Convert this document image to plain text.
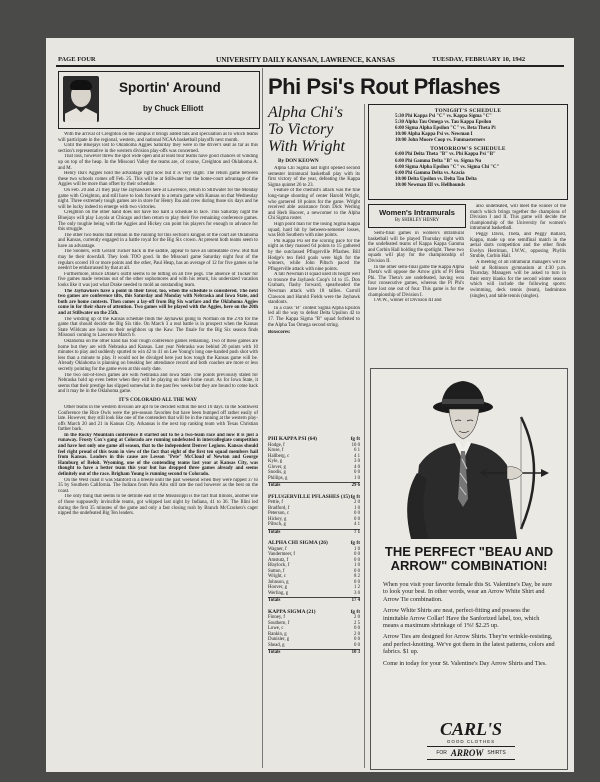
PAGE FOUR	UNIVERSITY DAILY KANSAN, LAWRENCE, KANSAS	TUESDAY, FEBRUARY 10, 1942
Sportin' Around
by Chuck Elliott

With the arrival of Creighton on the campus it brings added talk and speculation as to which teams will participate in the regional, western, and national NCAA basketball playoffs next month.

Until the Bluejays lost to Oklahoma Aggies Saturday they were in the driver's seat as far as this section's representative in the western division play-offs was concerned.

That loss, however threw the spot wide open and at least four teams have good chances of winding up on top of the heap. In the Missouri Valley the teams are, of course, Creighton and Oklahoma A. and M.

Henry Iba's Aggies hold the advantage right now but it is very slight. The return game between these two schools comes off Feb. 25. This will be at Stillwater but the home-court advantage of the Aggies will be more than offset by their schedule.

On Feb. 20 and 21 they play the Jayhawkers here at Lawrence, return to Stillwater for the Monday game with Creighton, and still have to look forward to a return game with Kansas on that Wednesday night. Three extremely tough games are in store for Henry Iba and crew during those six days and he will be lucky indeed to emerge with two victories.

Creighton on the other hand does not have too hard a schedule to face. This Saturday night the Bluejays will play Loyola at Chicago and then return to play their five remaining conference games. The only toughie being with the Aggies and Hickey can point his players for enough to advance for this struggle.

The other two teams that remain in the running for this section's kingpin of the court are Oklahoma and Kansas, currently engaged in a battle royal for the Big Six crown. At present both teams seem to have an advantage.

The Sooners, with Gerald Tucker back in the saddle, appear to have an unbeatable crew. But that may be their downfall. They look TOO good. In the Missouri game Saturday night four of the regulars scored 10 or more points and the other, Paul Heap, has an average of 12 for five games so he needn't be embarrassed by that at all.

Furthermore, Bruce Drake's outfit seems to be hitting on all five pegs. The absence of Tucker for five games made veterans out of the other sophomores and with his return, his undersized vacation looks like it was just what Drake needed to mold an outstanding team.

The Jayhawkers have a point in their favor, too, when the schedule is considered. The next two games are conference tilts, this Saturday and Monday with Nebraska and Iowa State, and both are home contests. Then comes a lay-off from Big Six warfare and the Oklahoma Aggies come in for their share of attention. Two games will be played with the Aggies, here on the 20th and at Stillwater on the 25th.

The winding up of the Kansas schedule finds the Jayhawks going to Norman on the 27th for the game that should decide the Big Six title. On March 3 a real battle is in prospect when the Kansas State Wildcats are hosts to their neighbors up the Kaw. The finale for the Big Six season finds Missouri coming to Lawrence March 6.

Oklahoma on the other hand has four rough conference games remaining. Two of these games are home but they are with Nebraska and Kansas. Last year Nebraska was behind 20 points with 10 minutes to play and suddenly spurted to win 42 to 41 on Lee Young's long one-handed push shot with less than a minute to play. It would not be divulged here just how tough the Kansas game will be. Already Oklahoma is planning on breaking her attendance record and both coaches are more or less secretly pointing for the game even at this early date.

The two out-of-town games are with Nebraska and Iowa State. The points previously stated for Nebraska hold up even better when they will be playing on their home court. As for Iowa State, it seems that their prestige has slipped somewhat in the past few weeks but they are bound to come back and it may be in the Oklahoma game.

IT'S COLORADO ALL THE WAY

Other teams in the western division are apt to be decided within the next 10 days. In the Southwest Conference the Rice Owls were the pre-season favorites but have been bumped off rather easily of late. However, they still look like one of the contenders that will be in the running at the western play-offs March 20 and 21 in Kansas City. Arkansas is the next top ranking team with Texas Christian farther back.

In the Rocky Mountain conference it started out to be a two-team race and now it is just a runaway. Frosty Cox's gang at Colorado are running undefeated in intercollegiate competition and have lost only one game all season, that to the independent Denver Legions. Kansas should feel right proud of this team in view of the fact that eight of the first ten squad members hail from Kansas. Leaders in this cause are Lesson "Pete" McCloud of Newton and George Hamburg of Beloit. Wyoming, one of the contending teams last year at Kansas City, was thought to have a better team this year but has dropped three games already and seems definitely out of the race. Brigham Young is running second to Colorado.

On the West coast it was Stanford in a breeze until the past weekend when they were nipped 37 to 35 by Southern California. The Indians from Palo Alto still rate the nod however as the best on the coast.

The only thing that seems to be definite east of the Mississippi is the fact that Illinois, another one of those supposedly invincible teams, got whipped last night by Indiana, 41 to 36. The Illini led during the first 35 minutes of the game and only a fast closing rush by Branch McCracken's cager nipped the undefeated Big Ten leaders.

Phi Psi's Rout Pflashes
Alpha Chi's To Victory With Wright
By DON KEOWN

Alpha Chi Sigma last night opened second semester intramural basketball play with its first victory of the year, defeating the Kappa Sigma quintet 26 to 23.

Feature of the chemist's attack was the fine long-range shooting of center Harold Wright, who garnered 18 points for the game. Wright received able assistance from Dick Werling and Herb Hoover, a newcomer to the Alpha Chi Sigma roster.

High point man for the losing Sigma Kappa squad, hard hit by between-semester losses, was Bob Southern with nine points.

Phi Kappa Psi set the scoring pace for the night as they massed 64 points to 15 gathered by the outclassed Pflugerville Pflashes. Bill Hodge's ten field goals were high for the winners, while John Piltsch paced the Pflugerville attack with nine points.

A tall Newman II squad used its height well to trounce the Jayhawk Coop's 14 to 15. Don Graham, flashy forward, spearheaded the Newman attack with 18 tallies. Carroll Clawson and Harold Fields were the Jayhawk standouts.

In a class "B" contest Sigma Alpha Epsilon led all the way to defeat Delta Upsilon 42 to 17. The Kappa Sigma "B" squad forfeited to the Alpha Tau Omega second string.

Boxscores:
PHI KAPPA PSI (64)	fg ft
Hodge, f	10 0
Kruse, f	6 1
Hallberg, c	4 1
Kyle, g	3 0
Glover, g	4 0
Snodis, g	0 0
Phillips, g	1 0
Totals	29 6
PFLUGERVILLE PFLASHES (15) fg ft
Pettie, f	2 0
Bradford, f	1 0
Peterson, c	0 0
Hickey, g	0 0
Piltsch, g	4 1
Totals	7 1
ALPHA CHI SIGMA (26)	fg ft
Wagner, f	1 0
Vandermeer, f	0 0
Amstutz, f	0 0
Blaylock, f	1 0
Sutton, f	0 0
Wright, c	8 2
Johnson, g	0 0
Hoover, g	1 2
Werling, g	3 0
Totals	17 4
KAPPA SIGMA (21)	fg ft
Finney, f	2 0
Southern, f	2 5
Lowe, c	0 0
Rankin, g	2 0
Dunisler, g	0 0
Shead, g	0 0
Totals	10 3
TONIGHT'S SCHEDULE
5:30 Phi Kappa Psi "C" vs. Kappa Sigma "C"
5:30 Alpha Tau Omega vs. Tau Kappa Epsilon
6:00 Sigma Alpha Epsilon "C" vs. Beta Theta Pi
10:00 Alpha Kappa Psi vs. Newman I
10:00 John Moore Coop vs. Funmasterners
TOMORROW'S SCHEDULE
6:00 Phi Delta Theta "B" vs. Phi Kappa Psi "B"
6:00 Phi Gamma Delta "B" vs. Sigma Nu
6:00 Sigma Alpha Epsilon "C" vs. Sigma Chi "C"
6:00 Phi Gamma Delta vs. Acacia
10:00 Delta Upsilon vs. Delta Tau Delta
10:00 Newman III vs. Hellhounds
Women's Intramurals
By SHIRLEY HENRY

Semi-final games in women's intramural basketball will be played Thursday night with the undefeated teams of Kappa Kappa Gamma and Corbin Hall holding the spotlight. These two squads will play for the championship of Division II.

In the other semi-final game the Kappa Alpha Theta's will oppose the Arrow girls of Pi Beta Phi. The Theta's are undefeated, having won four consecutive games, whereas the Pi Phi's have lost one out of four. This game is for the championship of Division I.

I.W.W., winner of Division III and

also undefeated, will meet the winner of the match which brings together the champions of Division I and II. This game will decide the championship of the University for women's intramural basketball.

Peggy Davis, Theta, and Peggy Ballard, Kappa, made up one semifinal match in the aerial darts competition and the other finds Evelyn Herriman, I.W.W., opposing Phyllis Struble, Corbin Hall.

A meeting of all intramural managers will be held at Robinson gymnasium at 4:30 p.m. Thursday. Managers will be asked to turn in their entry blanks for the second winter season which will include the following sports: swimming, deck tennis (team), badminton (singles), and table tennis (singles).

THE PERFECT "BEAU AND ARROW" COMBINATION!

When you visit your favorite female this St. Valentine's Day, be sure to look your best. In other words, wear an Arrow White Shirt and Arrow Tie combination.

Arrow White Shirts are neat, perfect-fitting and possess the inimitable Arrow Collar! Have the Sanforized label, too, which means a maximum shrinkage of 1%! $2.25 up.

Arrow Ties are designed for Arrow Shirts. They're wrinkle-resisting, and perfect-knotting. We've got them in the latest patterns, colors and fabrics. $1 up.

Come in today for your St. Valentine's Day Arrow Shirts and Ties.

CARL'S
GOOD CLOTHES
FOR ARROW SHIRTS
